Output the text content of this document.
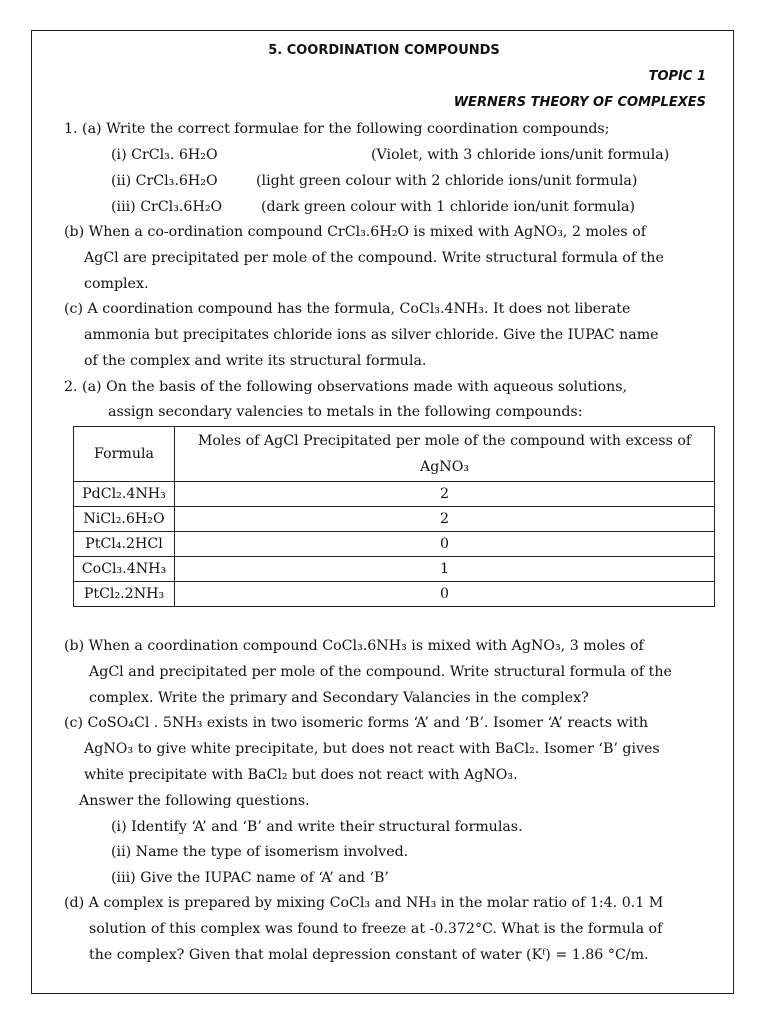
5. COORDINATION COMPOUNDS
TOPIC 1
WERNERS THEORY OF COMPLEXES
1. (a) Write the correct formulae for the following coordination compounds;
(i) CrCl₃. 6H₂O	(Violet, with 3 chloride ions/unit formula)
(ii) CrCl₃.6H₂O	(light green colour with 2 chloride ions/unit formula)
(iii) CrCl₃.6H₂O	(dark green colour with 1 chloride ion/unit formula)
(b) When a co-ordination compound CrCl₃.6H₂O is mixed with AgNO₃, 2 moles of
AgCl are precipitated per mole of the compound. Write structural formula of the
complex.
(c) A coordination compound has the formula, CoCl₃.4NH₃. It does not liberate
ammonia but precipitates chloride ions as silver chloride. Give the IUPAC name
of the complex and write its structural formula.
2. (a) On the basis of the following observations made with aqueous solutions,
assign secondary valencies to metals in the following compounds:
Formula	Moles of AgCl Precipitated per mole of the compound with excess of
AgNO₃
PdCl₂.4NH₃	2
NiCl₂.6H₂O	2
PtCl₄.2HCl	0
CoCl₃.4NH₃	1
PtCl₂.2NH₃	0
(b) When a coordination compound CoCl₃.6NH₃ is mixed with AgNO₃, 3 moles of
AgCl and precipitated per mole of the compound. Write structural formula of the
complex. Write the primary and Secondary Valancies in the complex?
(c) CoSO₄Cl . 5NH₃ exists in two isomeric forms ‘A’ and ‘B’. Isomer ‘A’ reacts with
AgNO₃ to give white precipitate, but does not react with BaCl₂. Isomer ‘B’ gives
white precipitate with BaCl₂ but does not react with AgNO₃.
Answer the following questions.
(i) Identify ‘A’ and ‘B’ and write their structural formulas.
(ii) Name the type of isomerism involved.
(iii) Give the IUPAC name of ‘A’ and ‘B’
(d) A complex is prepared by mixing CoCl₃ and NH₃ in the molar ratio of 1:4. 0.1 M
solution of this complex was found to freeze at -0.372°C. What is the formula of
the complex? Given that molal depression constant of water (Kᶠ) = 1.86 °C/m.
